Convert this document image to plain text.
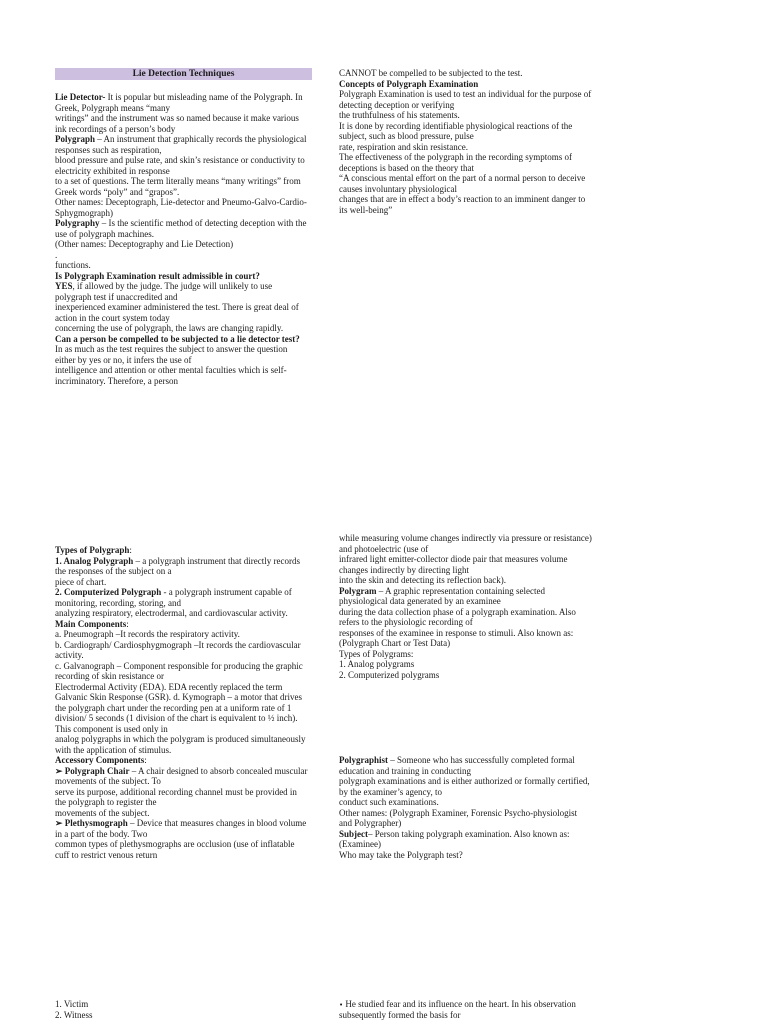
Lie Detection Techniques
Lie Detector- It is popular but misleading name of the Polygraph. In
Greek, Polygraph means “many
writings” and the instrument was so named because it make various
ink recordings of a person’s body
Polygraph – An instrument that graphically records the physiological
responses such as respiration,
blood pressure and pulse rate, and skin’s resistance or conductivity to
electricity exhibited in response
to a set of questions. The term literally means “many writings” from
Greek words “poly” and “grapos”.
Other names: Deceptograph, Lie-detector and Pneumo-Galvo-Cardio-
Sphygmograph)
Polygraphy – Is the scientific method of detecting deception with the
use of polygraph machines.
(Other names: Deceptography and Lie Detection)
.
functions.
Is Polygraph Examination result admissible in court?
YES, if allowed by the judge. The judge will unlikely to use
polygraph test if unaccredited and
inexperienced examiner administered the test. There is great deal of
action in the court system today
concerning the use of polygraph, the laws are changing rapidly.
Can a person be compelled to be subjected to a lie detector test?
In as much as the test requires the subject to answer the question
either by yes or no, it infers the use of
intelligence and attention or other mental faculties which is self-
incriminatory. Therefore, a person
CANNOT be compelled to be subjected to the test.
Concepts of Polygraph Examination
Polygraph Examination is used to test an individual for the purpose of
detecting deception or verifying
the truthfulness of his statements.
It is done by recording identifiable physiological reactions of the
subject, such as blood pressure, pulse
rate, respiration and skin resistance.
The effectiveness of the polygraph in the recording symptoms of
deceptions is based on the theory that
“A conscious mental effort on the part of a normal person to deceive
causes involuntary physiological
changes that are in effect a body’s reaction to an imminent danger to
its well-being”
Types of Polygraph:
1. Analog Polygraph – a polygraph instrument that directly records
the responses of the subject on a
piece of chart.
2. Computerized Polygraph - a polygraph instrument capable of
monitoring, recording, storing, and
analyzing respiratory, electrodermal, and cardiovascular activity.
Main Components:
a. Pneumograph –It records the respiratory activity.
b. Cardiograph/ Cardiosphygmograph –It records the cardiovascular
activity.
c. Galvanograph – Component responsible for producing the graphic
recording of skin resistance or
Electrodermal Activity (EDA). EDA recently replaced the term
Galvanic Skin Response (GSR). d. Kymograph – a motor that drives
the polygraph chart under the recording pen at a uniform rate of 1
division/ 5 seconds (1 division of the chart is equivalent to ½ inch).
This component is used only in
analog polygraphs in which the polygram is produced simultaneously
with the application of stimulus.
Accessory Components:
➢ Polygraph Chair – A chair designed to absorb concealed muscular
movements of the subject. To
serve its purpose, additional recording channel must be provided in
the polygraph to register the
movements of the subject.
➢ Plethysmograph – Device that measures changes in blood volume
in a part of the body. Two
common types of plethysmographs are occlusion (use of inflatable
cuff to restrict venous return
while measuring volume changes indirectly via pressure or resistance)
and photoelectric (use of
infrared light emitter-collector diode pair that measures volume
changes indirectly by directing light
into the skin and detecting its reflection back).
Polygram – A graphic representation containing selected
physiological data generated by an examinee
during the data collection phase of a polygraph examination. Also
refers to the physiologic recording of
responses of the examinee in response to stimuli. Also known as:
(Polygraph Chart or Test Data)
Types of Polygrams:
1. Analog polygrams
2. Computerized polygrams
Polygraphist – Someone who has successfully completed formal
education and training in conducting
polygraph examinations and is either authorized or formally certified,
by the examiner’s agency, to
conduct such examinations.
Other names: (Polygraph Examiner, Forensic Psycho-physiologist
and Polygrapher)
Subject– Person taking polygraph examination. Also known as:
(Examinee)
Who may take the Polygraph test?
1. Victim
2. Witness
• He studied fear and its influence on the heart. In his observation
subsequently formed the basis for
